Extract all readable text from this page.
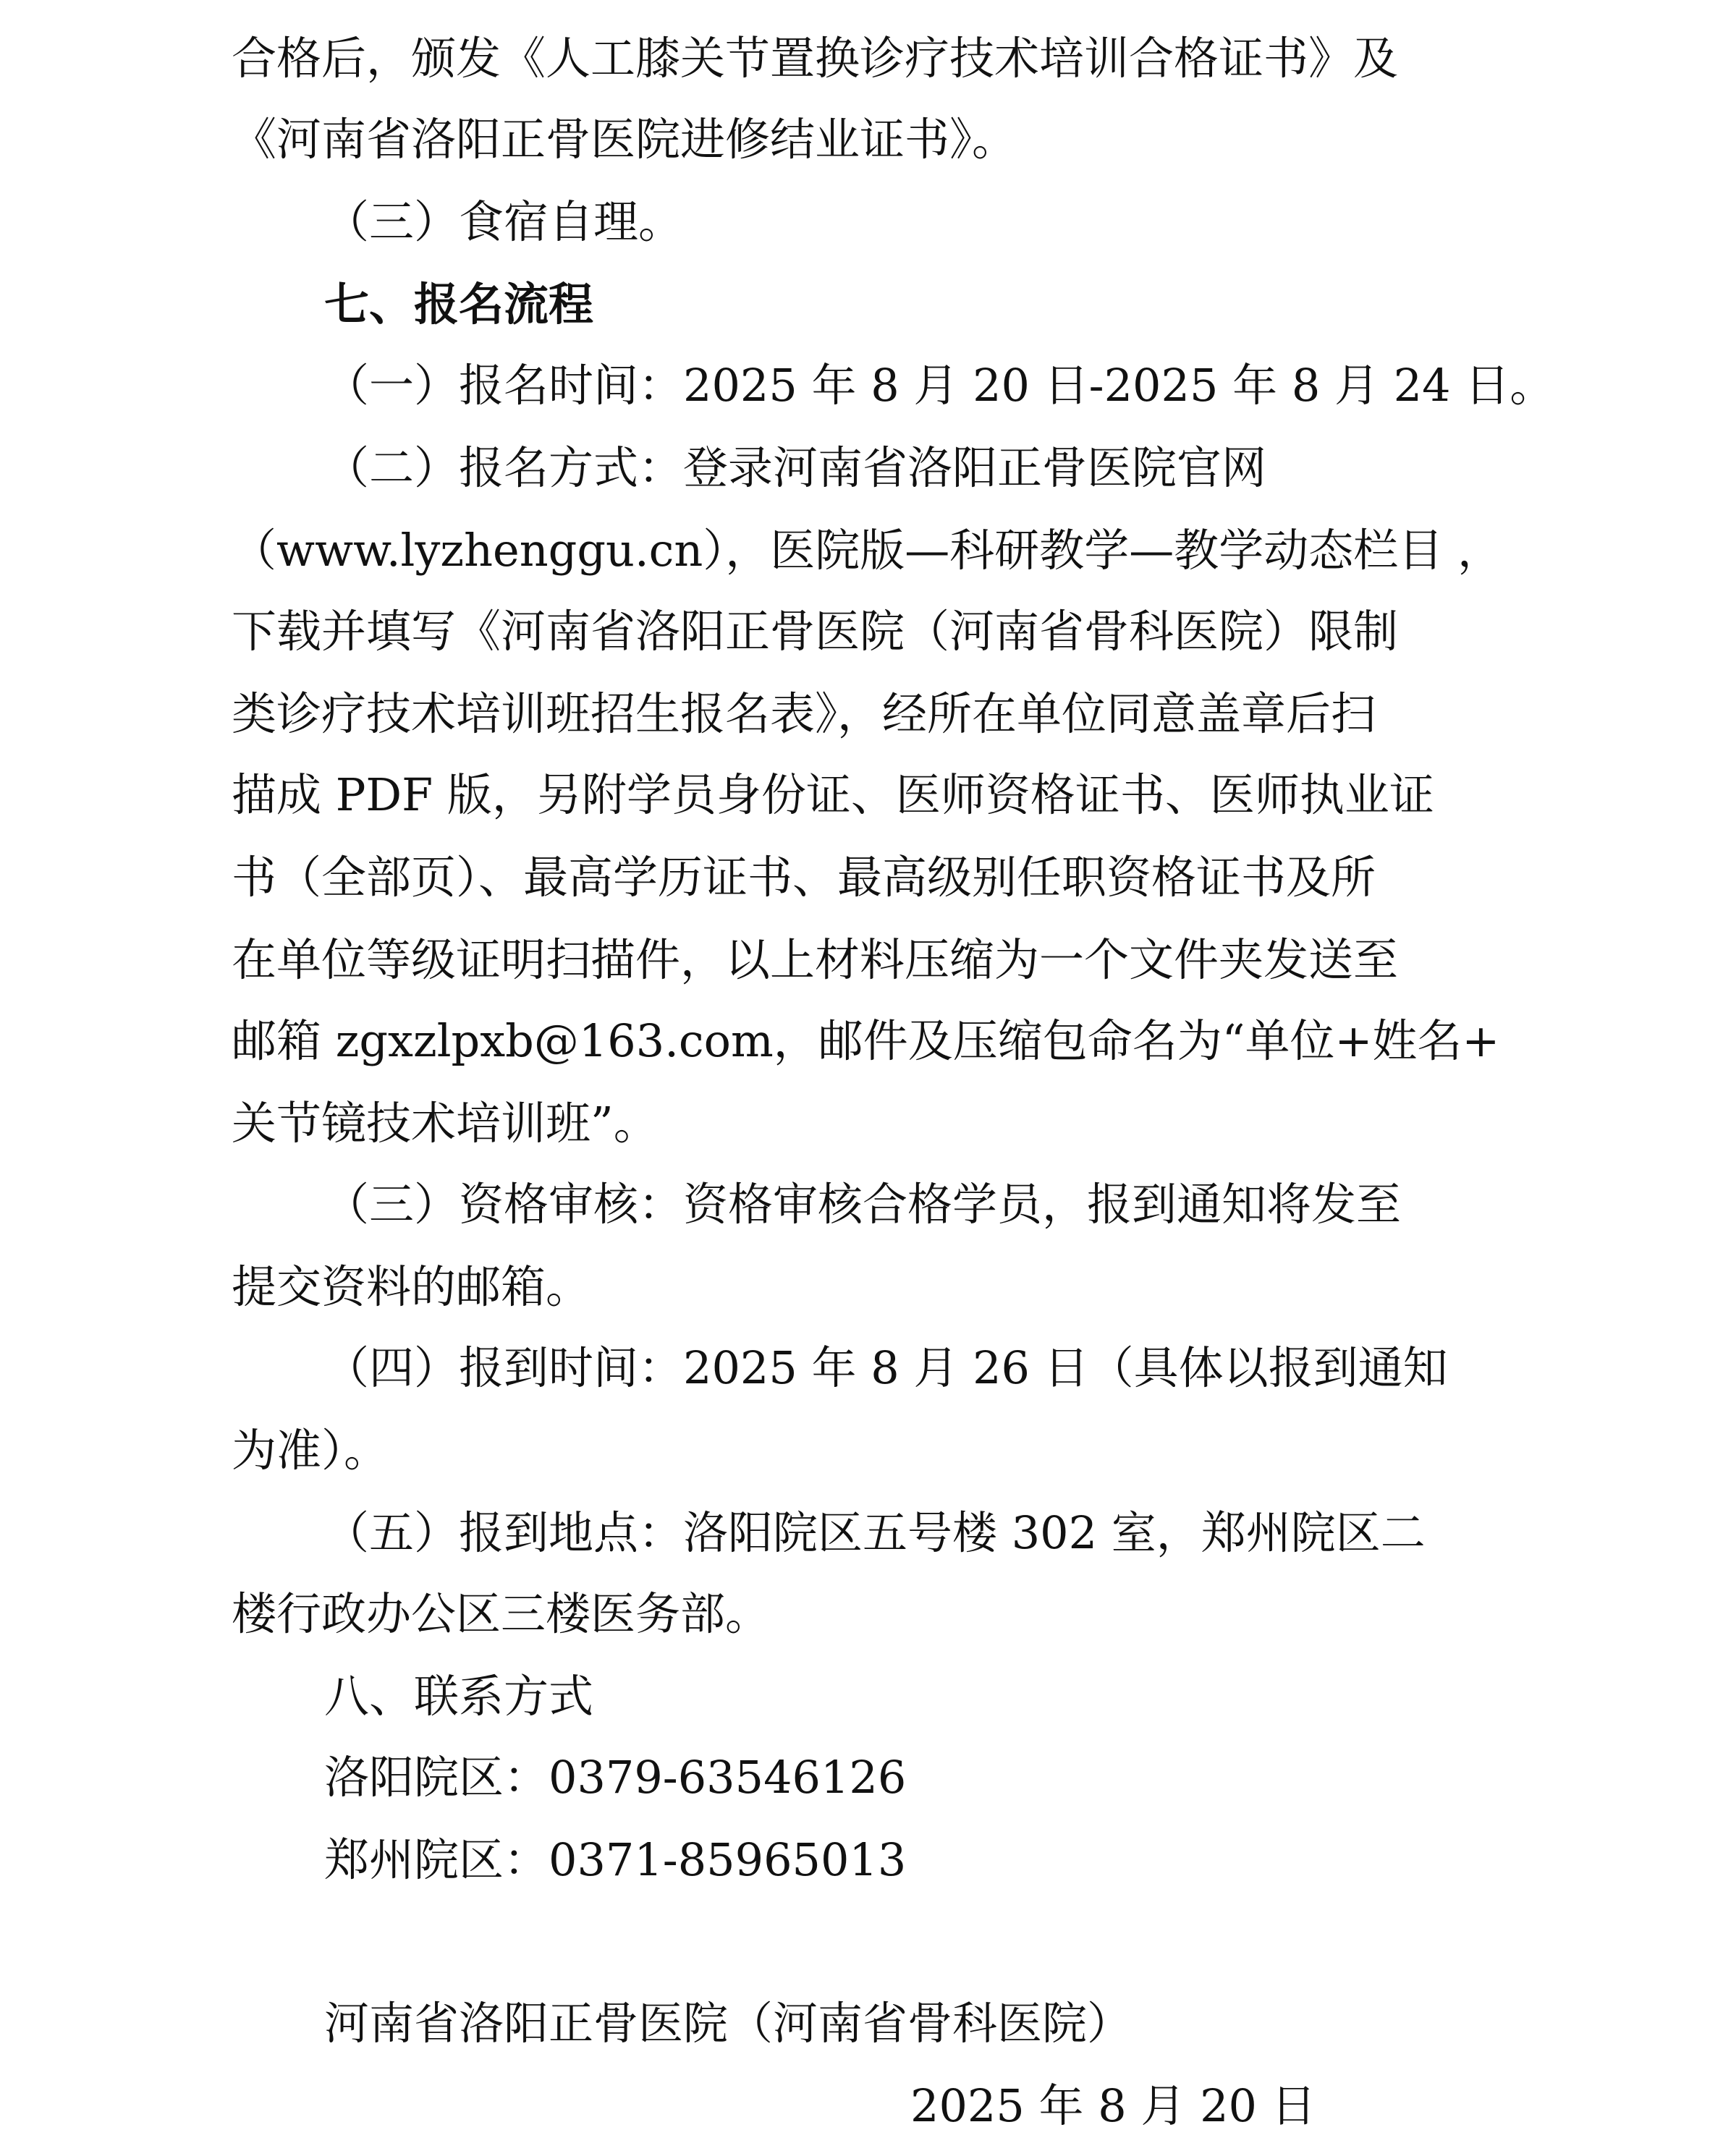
合格后，颁发《人工膝关节置换诊疗技术培训合格证书》及
《河南省洛阳正骨医院进修结业证书》。
（三）食宿自理。
七、报名流程
（一）报名时间：2025 年 8 月 20 日-2025 年 8 月 24 日。
（二）报名方式：登录河南省洛阳正骨医院官网
（www.lyzhenggu.cn），医院版—科研教学—教学动态栏目 ，
下载并填写《河南省洛阳正骨医院（河南省骨科医院）限制
类诊疗技术培训班招生报名表》，经所在单位同意盖章后扫
描成 PDF 版，另附学员身份证、医师资格证书、医师执业证
书（全部页）、最高学历证书、最高级别任职资格证书及所
在单位等级证明扫描件，以上材料压缩为一个文件夹发送至
邮箱 zgxzlpxb@163.com，邮件及压缩包命名为“单位+姓名+
关节镜技术培训班”。
（三）资格审核：资格审核合格学员，报到通知将发至
提交资料的邮箱。
（四）报到时间：2025 年 8 月 26 日（具体以报到通知
为准）。
（五）报到地点：洛阳院区五号楼 302 室，郑州院区二
楼行政办公区三楼医务部。
八、联系方式
洛阳院区：0379-63546126
郑州院区：0371-85965013
河南省洛阳正骨医院（河南省骨科医院）
2025 年 8 月 20 日
